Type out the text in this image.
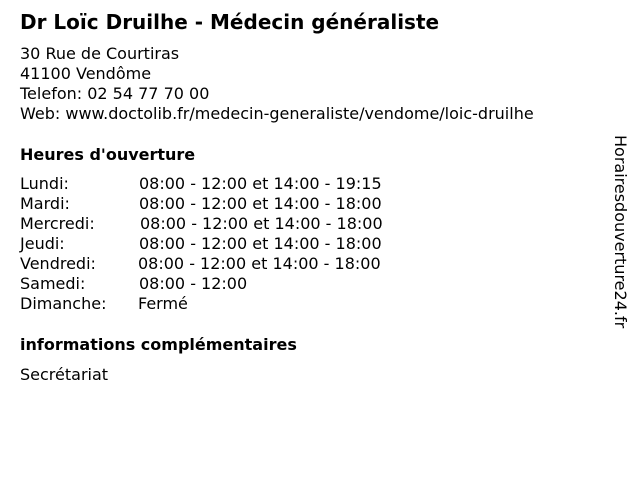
Dr Loïc Druilhe - Médecin généraliste
30 Rue de Courtiras
41100 Vendôme
Telefon: 02 54 77 70 00
Web: www.doctolib.fr/medecin-generaliste/vendome/loic-druilhe
Heures d'ouverture
Lundi:	08:00 - 12:00 et 14:00 - 19:15
Mardi:	08:00 - 12:00 et 14:00 - 18:00
Mercredi:	08:00 - 12:00 et 14:00 - 18:00
Jeudi:	08:00 - 12:00 et 14:00 - 18:00
Vendredi:	08:00 - 12:00 et 14:00 - 18:00
Samedi:	08:00 - 12:00
Dimanche: Fermé
informations complémentaires
Secrétariat
Horairesdouverture24.fr
